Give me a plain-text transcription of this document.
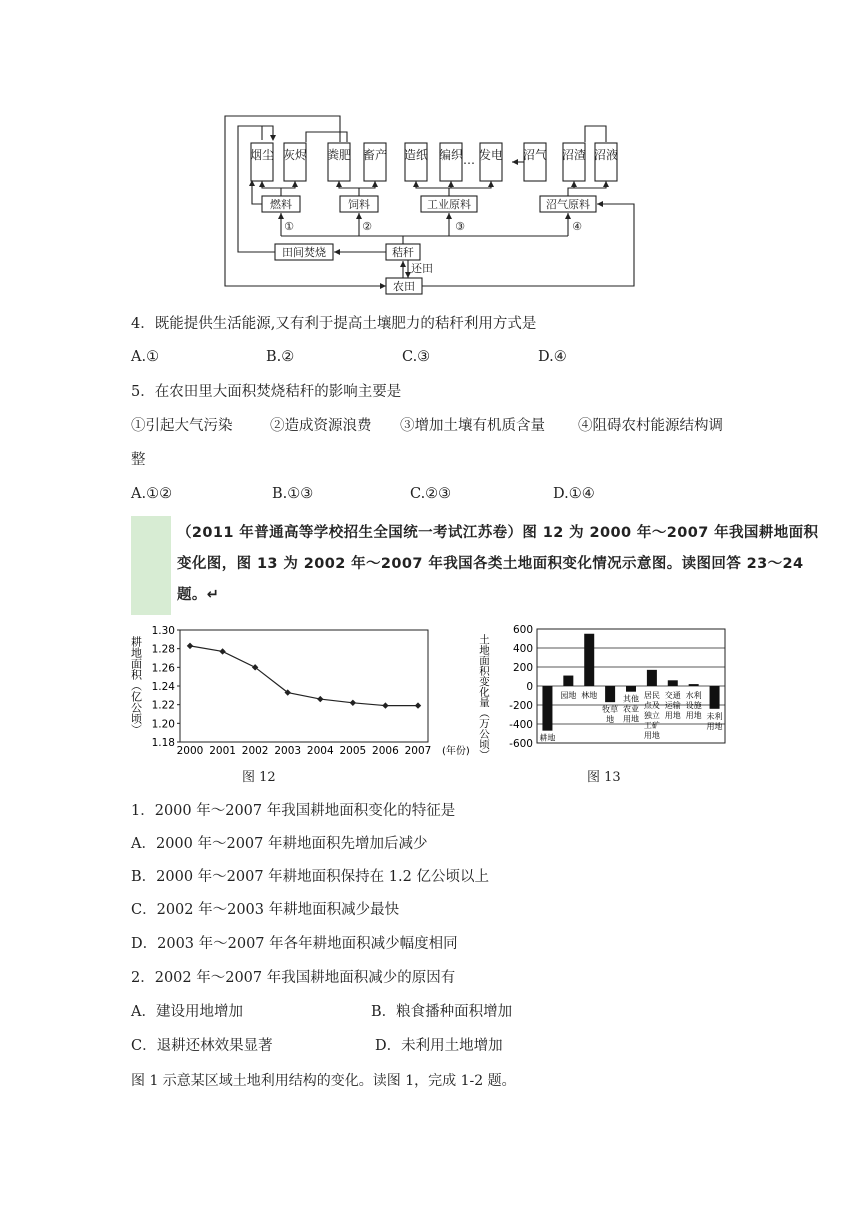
烟尘 灰烬 粪肥 畜产 造纸 编织 … 发电 沼气 沼渣 沼液
燃料	饲料	工业原料	沼气原料
①	②	③	④
田间焚烧	秸秆
还田
农田
4．既能提供生活能源,又有利于提高土壤肥力的秸秆利用方式是
A.①	B.②	C.③	D.④
5．在农田里大面积焚烧秸秆的影响主要是
①引起大气污染	②造成资源浪费 ③增加土壤有机质含量 ④阻碍农村能源结构调
整
A.①②	B.①③	C.②③	D.①④
（2011 年普通高等学校招生全国统一考试江苏卷）图 12 为 2000 年～2007 年我国耕地面积
变化图，图 13 为 2002 年～2007 年我国各类土地面积变化情况示意图。读图回答 23～24
题。↵
1.30
1.28
1.26
1.24
1.22
1.20
1.18
2000 2001 2002 2003 2004 2005 2006 2007 (年份)
耕地面积（亿公顷）
600
400
200
0
-200
-400
-600
土地面积变化量（万公顷）	耕地
园地 林地
牧草
地
其他
农业
用地
居民
点及
独立
工矿
用地
交通
运输
用地
水利
设施
用地 未利
用地
图 12	图 13
1．2000 年～2007 年我国耕地面积变化的特征是
A．2000 年～2007 年耕地面积先增加后减少
B．2000 年～2007 年耕地面积保持在 1.2 亿公顷以上
C．2002 年～2003 年耕地面积减少最快
D．2003 年～2007 年各年耕地面积减少幅度相同
2．2002 年～2007 年我国耕地面积减少的原因有
A．建设用地增加	B．粮食播种面积增加
C．退耕还林效果显著	D．未利用土地增加
图 1 示意某区域土地利用结构的变化。读图 1，完成 1-2 题。
